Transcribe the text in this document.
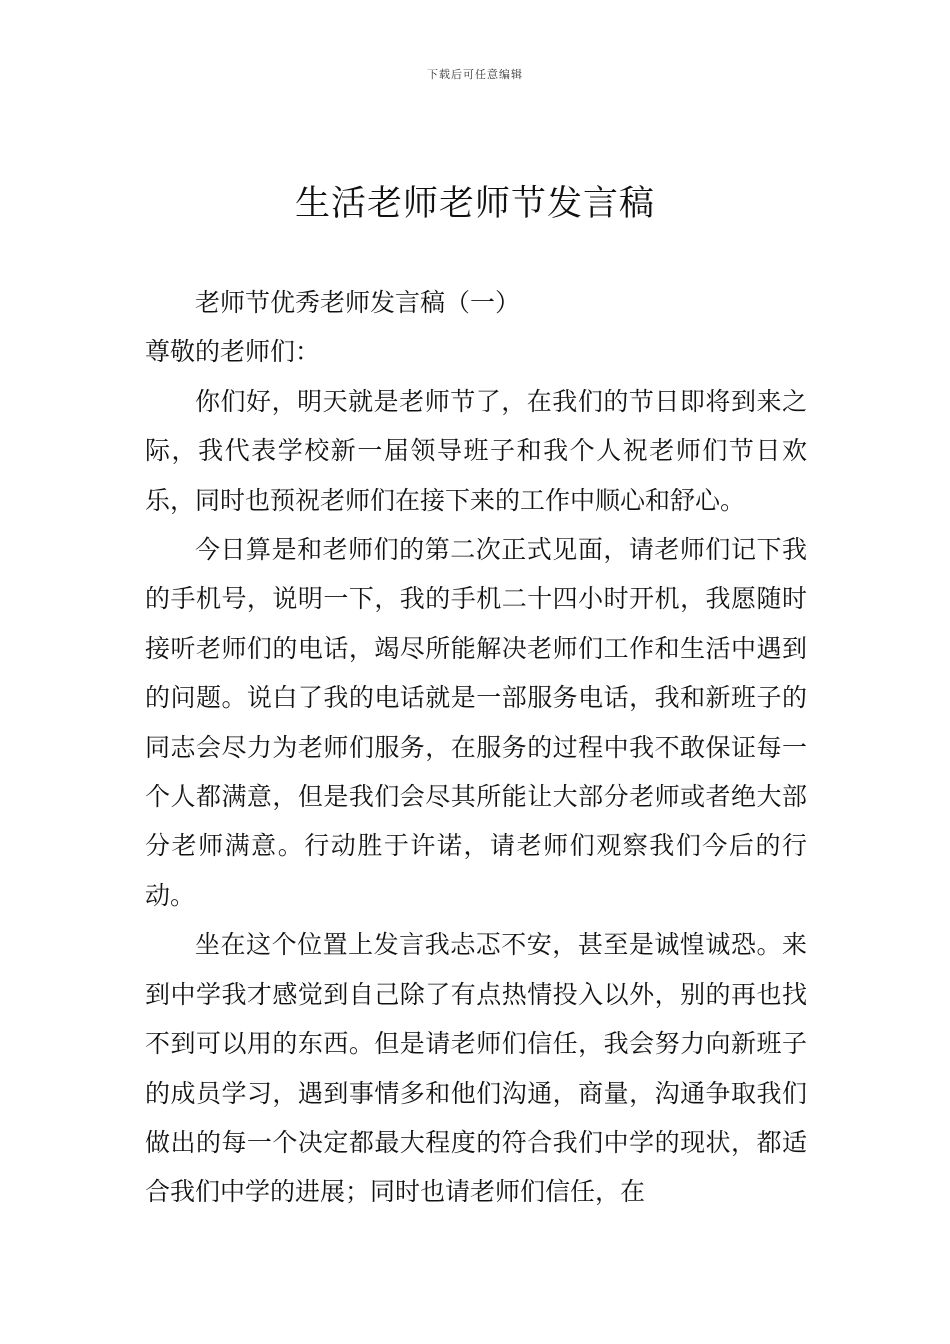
下载后可任意编辑
生活老师老师节发言稿

老师节优秀老师发言稿（一）

尊敬的老师们：

你们好，明天就是老师节了，在我们的节日即将到来之际，我代表学校新一届领导班子和我个人祝老师们节日欢乐，同时也预祝老师们在接下来的工作中顺心和舒心。

今日算是和老师们的第二次正式见面，请老师们记下我的手机号，说明一下，我的手机二十四小时开机，我愿随时接听老师们的电话，竭尽所能解决老师们工作和生活中遇到的问题。说白了我的电话就是一部服务电话，我和新班子的同志会尽力为老师们服务，在服务的过程中我不敢保证每一个人都满意，但是我们会尽其所能让大部分老师或者绝大部分老师满意。行动胜于许诺，请老师们观察我们今后的行动。

坐在这个位置上发言我忐忑不安，甚至是诚惶诚恐。来到中学我才感觉到自己除了有点热情投入以外，别的再也找不到可以用的东西。但是请老师们信任，我会努力向新班子的成员学习，遇到事情多和他们沟通，商量，沟通争取我们做出的每一个决定都最大程度的符合我们中学的现状，都适合我们中学的进展；同时也请老师们信任，在
